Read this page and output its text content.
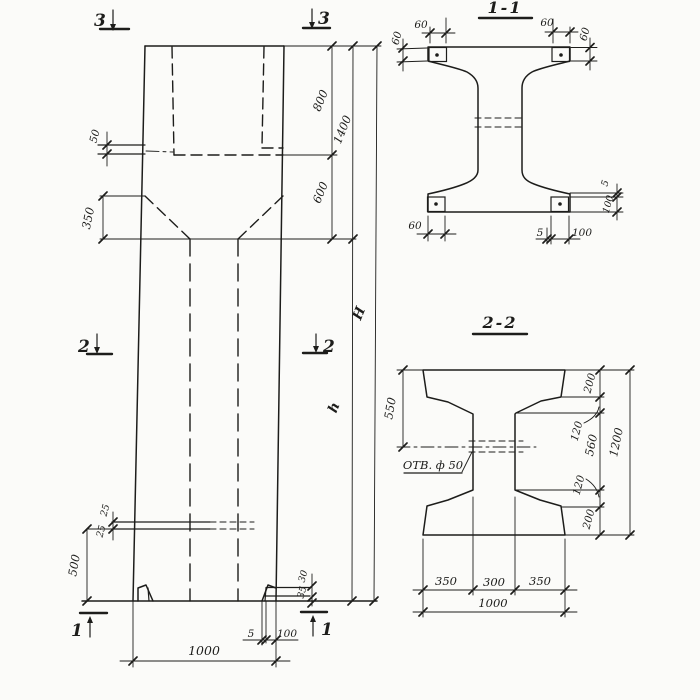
50
350
800
600
1400
h
H
25
25
500	30
35
5 100
1000
3	3
2	2
1	1
1-1
60	60
60	60
60
5	100
5
100
2-2
ОТВ. ф 50
550
200
120
560
120
200
1200
350 300 350
1000
